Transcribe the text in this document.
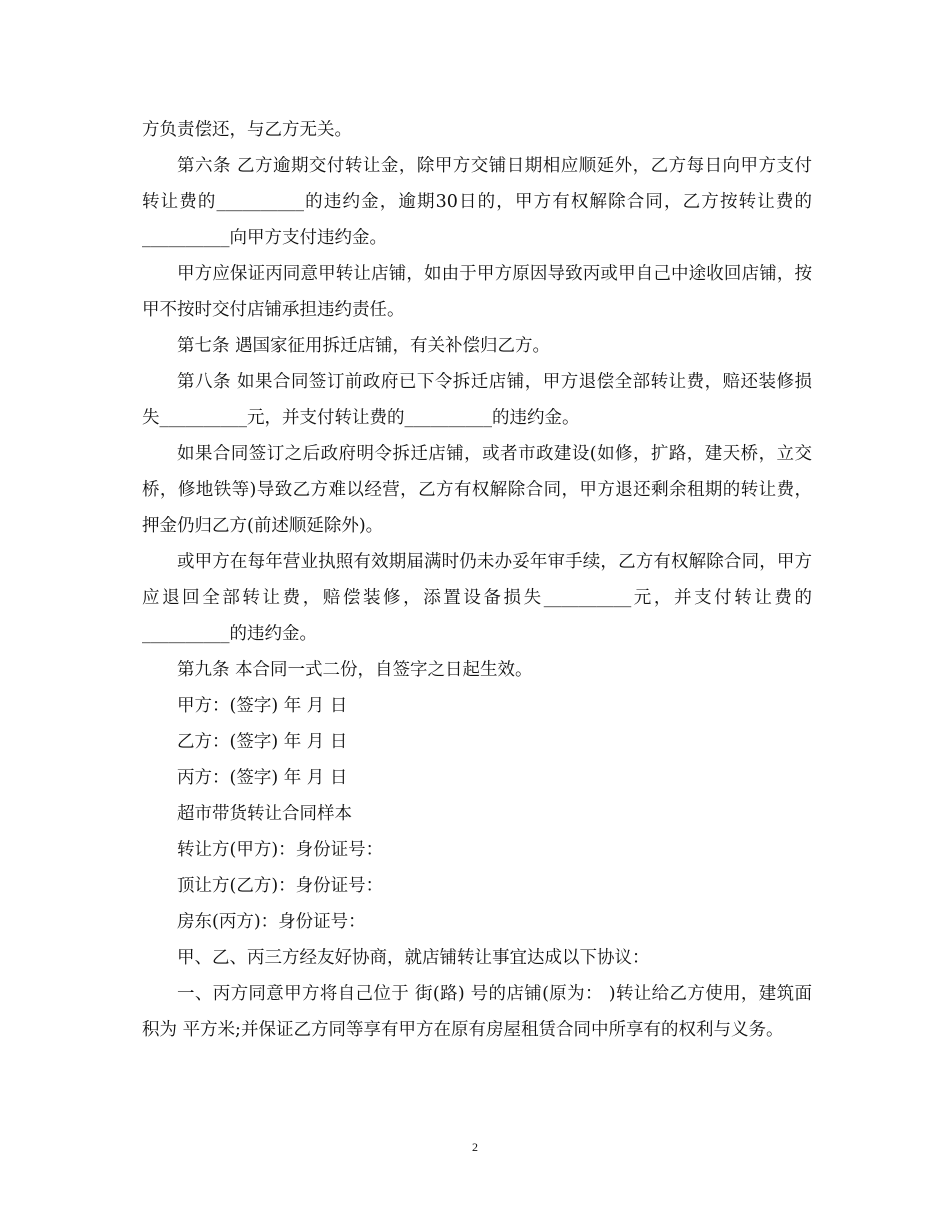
方负责偿还，与乙方无关。

第六条 乙方逾期交付转让金，除甲方交铺日期相应顺延外，乙方每日向甲方支付转让费的__________的违约金，逾期30日的，甲方有权解除合同，乙方按转让费的__________向甲方支付违约金。

甲方应保证丙同意甲转让店铺，如由于甲方原因导致丙或甲自己中途收回店铺，按甲不按时交付店铺承担违约责任。

第七条 遇国家征用拆迁店铺，有关补偿归乙方。

第八条 如果合同签订前政府已下令拆迁店铺，甲方退偿全部转让费，赔还装修损失__________元，并支付转让费的__________的违约金。

如果合同签订之后政府明令拆迁店铺，或者市政建设(如修，扩路，建天桥，立交桥，修地铁等)导致乙方难以经营，乙方有权解除合同，甲方退还剩余租期的转让费，押金仍归乙方(前述顺延除外)。

或甲方在每年营业执照有效期届满时仍未办妥年审手续，乙方有权解除合同，甲方应退回全部转让费，赔偿装修，添置设备损失__________元，并支付转让费的__________的违约金。

第九条 本合同一式二份，自签字之日起生效。

甲方：(签字) 年 月 日

乙方：(签字) 年 月 日

丙方：(签字) 年 月 日

超市带货转让合同样本

转让方(甲方)：身份证号：

顶让方(乙方)：身份证号：

房东(丙方)：身份证号：

甲、乙、丙三方经友好协商，就店铺转让事宜达成以下协议：

一、丙方同意甲方将自己位于 街(路) 号的店铺(原为： )转让给乙方使用，建筑面积为 平方米;并保证乙方同等享有甲方在原有房屋租赁合同中所享有的权利与义务。

2
